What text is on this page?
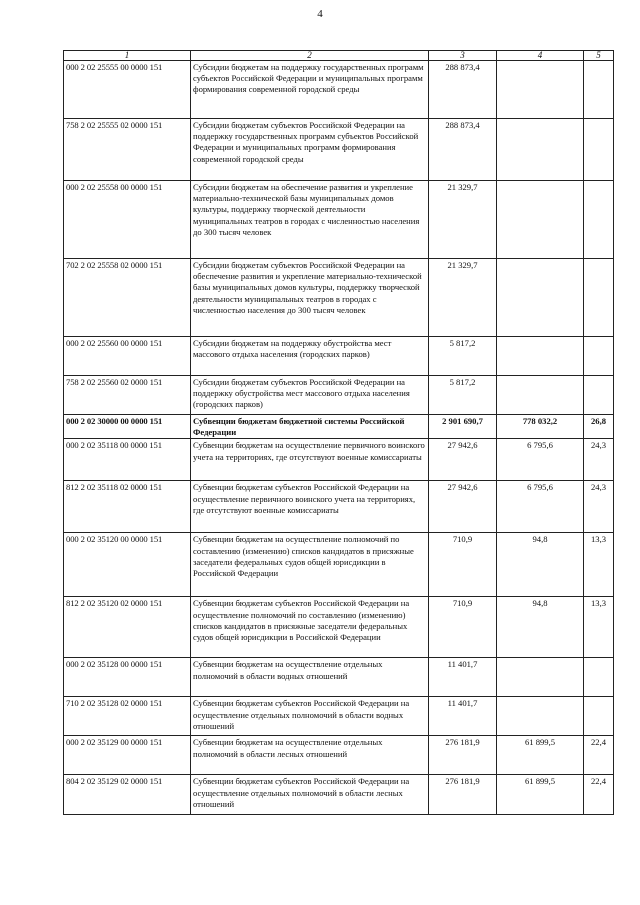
4
1	2	3	4	5
000 2 02 25555 00 0000 151	Субсидии бюджетам на поддержку государственных программ субъектов Российской Федерации и муниципальных программ формирования современной городской среды	288 873,4		
758 2 02 25555 02 0000 151	Субсидии бюджетам субъектов Российской Федерации на поддержку государственных программ субъектов Российской Федерации и муниципальных программ формирования современной городской среды	288 873,4		
000 2 02 25558 00 0000 151	Субсидии бюджетам на обеспечение развития и укрепление материально-технической базы муниципальных домов культуры, поддержку творческой деятельности муниципальных театров в городах с численностью населения до 300 тысяч человек	21 329,7		
702 2 02 25558 02 0000 151	Субсидии бюджетам субъектов Российской Федерации на обеспечение развития и укрепление материально-технической базы муниципальных домов культуры, поддержку творческой деятельности муниципальных театров в городах с численностью населения до 300 тысяч человек	21 329,7		
000 2 02 25560 00 0000 151	Субсидии бюджетам на поддержку обустройства мест массового отдыха населения (городских парков)	5 817,2		
758 2 02 25560 02 0000 151	Субсидии бюджетам субъектов Российской Федерации на поддержку обустройства мест массового отдыха населения (городских парков)	5 817,2		
000 2 02 30000 00 0000 151	Субвенции бюджетам бюджетной системы Российской Федерации	2 901 690,7	778 032,2	26,8
000 2 02 35118 00 0000 151	Субвенции бюджетам на осуществление первичного воинского учета на территориях, где отсутствуют военные комиссариаты	27 942,6	6 795,6	24,3
812 2 02 35118 02 0000 151	Субвенции бюджетам субъектов Российской Федерации на осуществление первичного воинского учета на территориях, где отсутствуют военные комиссариаты	27 942,6	6 795,6	24,3
000 2 02 35120 00 0000 151	Субвенции бюджетам на осуществление полномочий по составлению (изменению) списков кандидатов в присяжные заседатели федеральных судов общей юрисдикции в Российской Федерации	710,9	94,8	13,3
812 2 02 35120 02 0000 151	Субвенции бюджетам субъектов Российской Федерации на осуществление полномочий по составлению (изменению) списков кандидатов в присяжные заседатели федеральных судов общей юрисдикции в Российской Федерации	710,9	94,8	13,3
000 2 02 35128 00 0000 151	Субвенции бюджетам на осуществление отдельных полномочий в области водных отношений	11 401,7		
710 2 02 35128 02 0000 151	Субвенции бюджетам субъектов Российской Федерации на осуществление отдельных полномочий в области водных отношений	11 401,7		
000 2 02 35129 00 0000 151	Субвенции бюджетам на осуществление отдельных полномочий в области лесных отношений	276 181,9	61 899,5	22,4
804 2 02 35129 02 0000 151	Субвенции бюджетам субъектов Российской Федерации на осуществление отдельных полномочий в области лесных отношений	276 181,9	61 899,5	22,4
